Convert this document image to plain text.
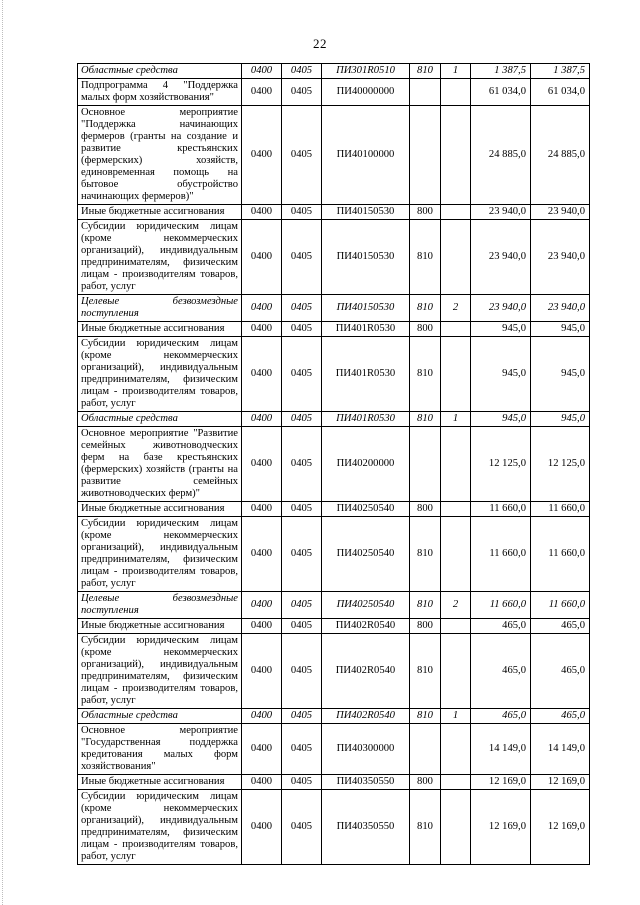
22
Областные средства	0400	0405	ПИ301R0510	810	1	1 387,5	1 387,5
Подпрограмма 4 "Поддержка малых форм хозяйствования"	0400	0405	ПИ40000000			61 034,0	61 034,0
Основное мероприятие "Поддержка начинающих фермеров (гранты на создание и развитие крестьянских (фермерских) хозяйств, единовременная помощь на бытовое обустройство начинающих фермеров)"	0400	0405	ПИ40100000			24 885,0	24 885,0
Иные бюджетные ассигнования	0400	0405	ПИ40150530	800		23 940,0	23 940,0
Субсидии юридическим лицам (кроме некоммерческих организаций), индивидуальным предпринимателям, физическим лицам - производителям товаров, работ, услуг	0400	0405	ПИ40150530	810		23 940,0	23 940,0
Целевые безвозмездные поступления	0400	0405	ПИ40150530	810	2	23 940,0	23 940,0
Иные бюджетные ассигнования	0400	0405	ПИ401R0530	800		945,0	945,0
Субсидии юридическим лицам (кроме некоммерческих организаций), индивидуальным предпринимателям, физическим лицам - производителям товаров, работ, услуг	0400	0405	ПИ401R0530	810		945,0	945,0
Областные средства	0400	0405	ПИ401R0530	810	1	945,0	945,0
Основное мероприятие "Развитие семейных животноводческих ферм на базе крестьянских (фермерских) хозяйств (гранты на развитие семейных животноводческих ферм)"	0400	0405	ПИ40200000			12 125,0	12 125,0
Иные бюджетные ассигнования	0400	0405	ПИ40250540	800		11 660,0	11 660,0
Субсидии юридическим лицам (кроме некоммерческих организаций), индивидуальным предпринимателям, физическим лицам - производителям товаров, работ, услуг	0400	0405	ПИ40250540	810		11 660,0	11 660,0
Целевые безвозмездные поступления	0400	0405	ПИ40250540	810	2	11 660,0	11 660,0
Иные бюджетные ассигнования	0400	0405	ПИ402R0540	800		465,0	465,0
Субсидии юридическим лицам (кроме некоммерческих организаций), индивидуальным предпринимателям, физическим лицам - производителям товаров, работ, услуг	0400	0405	ПИ402R0540	810		465,0	465,0
Областные средства	0400	0405	ПИ402R0540	810	1	465,0	465,0
Основное мероприятие "Государственная поддержка кредитования малых форм хозяйствования"	0400	0405	ПИ40300000			14 149,0	14 149,0
Иные бюджетные ассигнования	0400	0405	ПИ40350550	800		12 169,0	12 169,0
Субсидии юридическим лицам (кроме некоммерческих организаций), индивидуальным предпринимателям, физическим лицам - производителям товаров, работ, услуг	0400	0405	ПИ40350550	810		12 169,0	12 169,0
